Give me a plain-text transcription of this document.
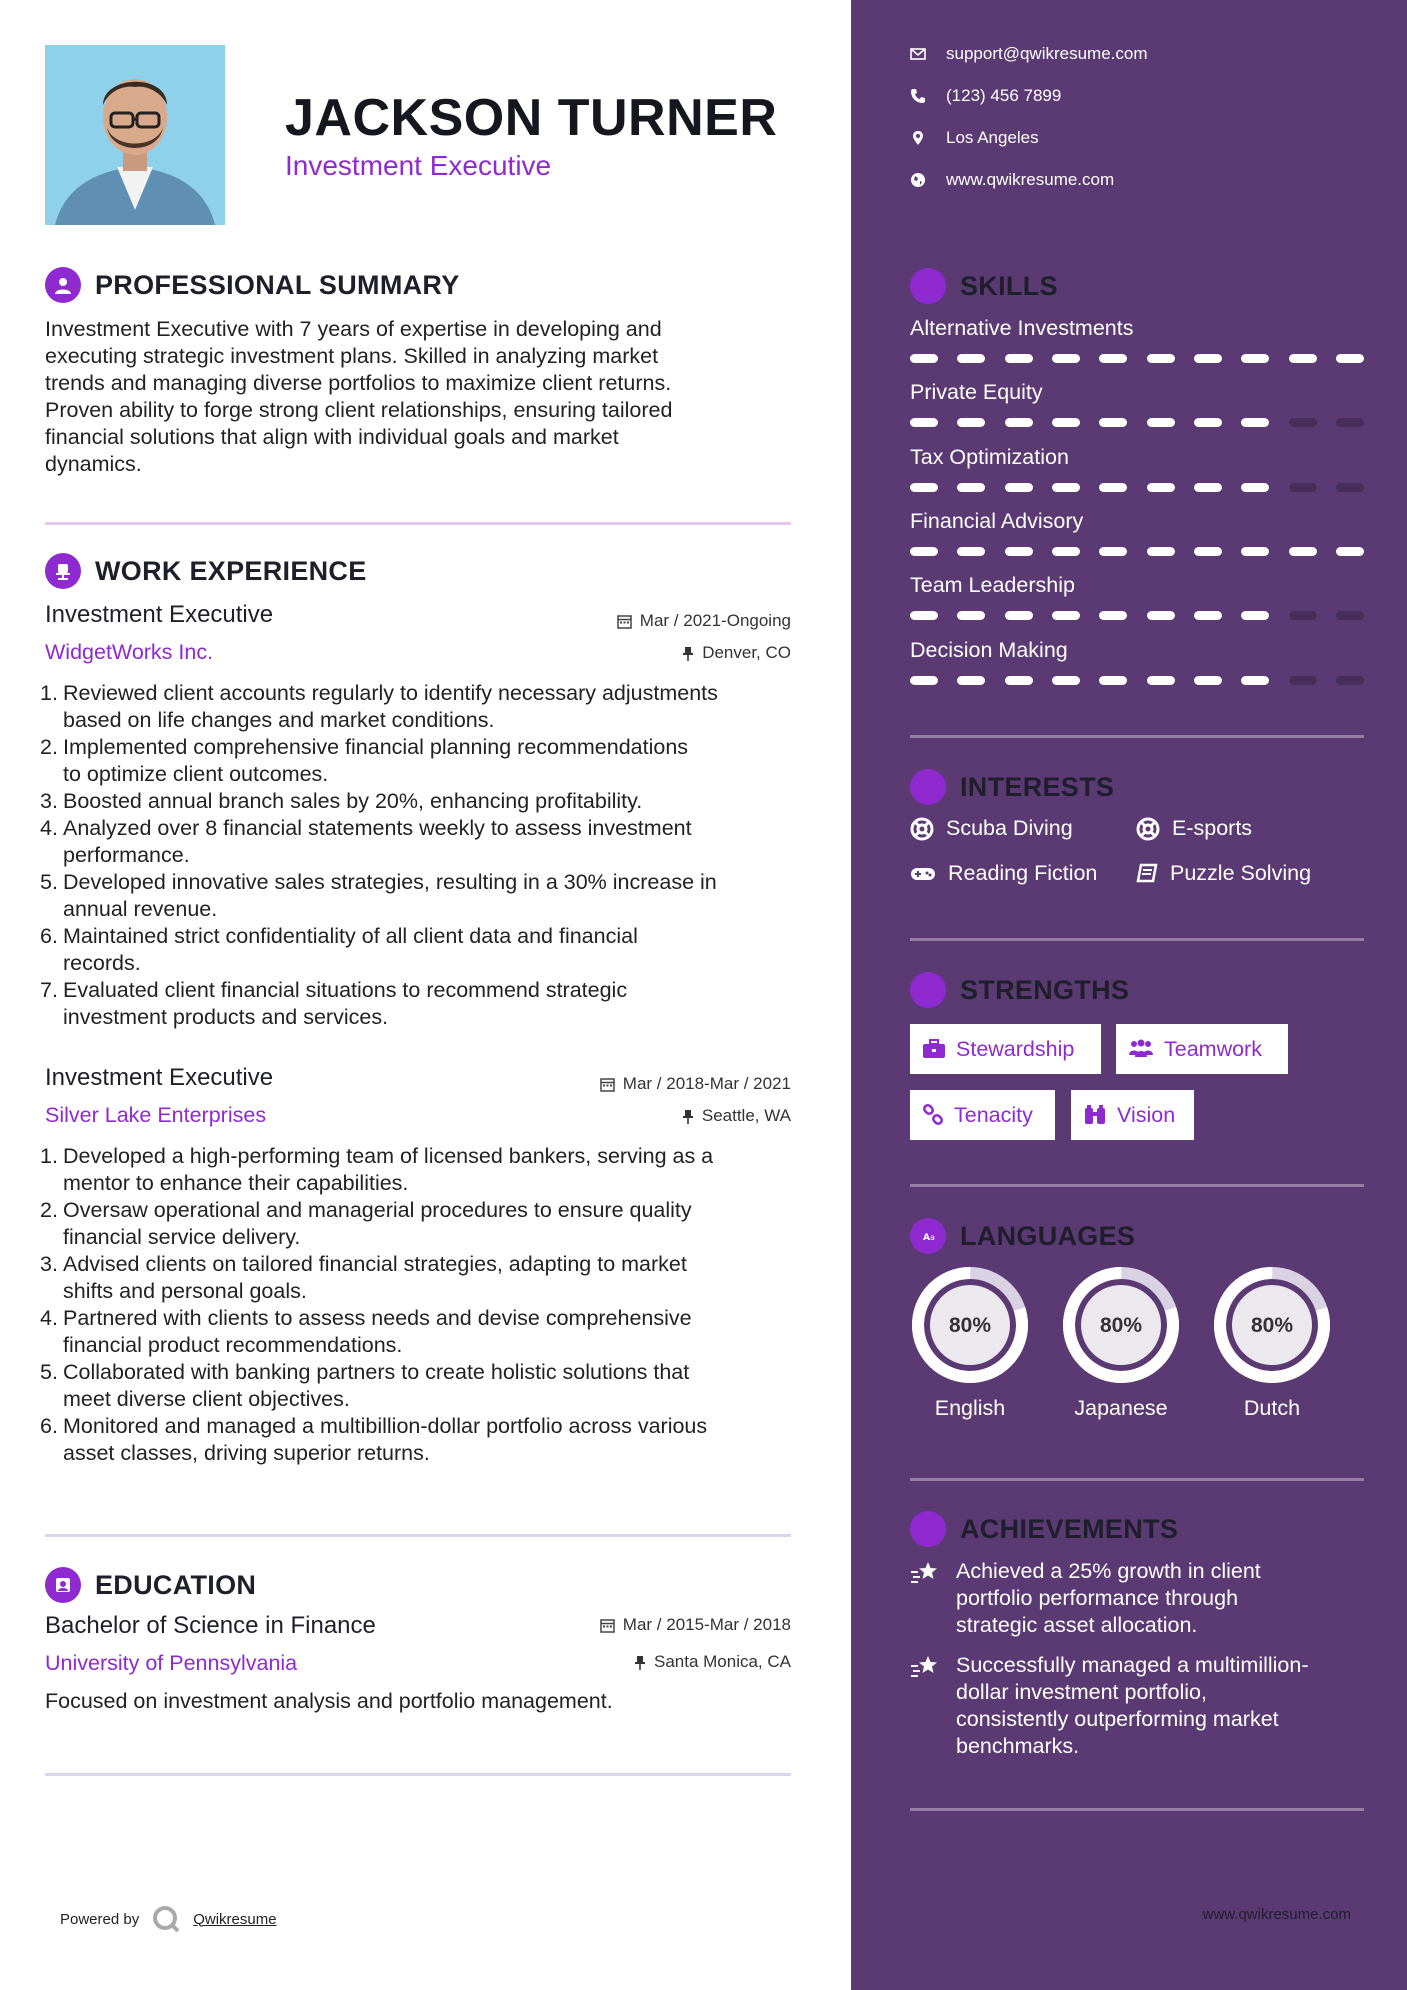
JACKSON TURNER
Investment Executive
PROFESSIONAL SUMMARY
Investment Executive with 7 years of expertise in developing and
executing strategic investment plans. Skilled in analyzing market
trends and managing diverse portfolios to maximize client returns.
Proven ability to forge strong client relationships, ensuring tailored
financial solutions that align with individual goals and market
dynamics.
WORK EXPERIENCE
Investment Executive	Mar / 2021-Ongoing
WidgetWorks Inc.	Denver, CO
1. Reviewed client accounts regularly to identify necessary adjustments
based on life changes and market conditions.
2. Implemented comprehensive financial planning recommendations
to optimize client outcomes.
3. Boosted annual branch sales by 20%, enhancing profitability.
4. Analyzed over 8 financial statements weekly to assess investment
performance.
5. Developed innovative sales strategies, resulting in a 30% increase in
annual revenue.
6. Maintained strict confidentiality of all client data and financial
records.
7. Evaluated client financial situations to recommend strategic
investment products and services.
Investment Executive	Mar / 2018-Mar / 2021
Silver Lake Enterprises	Seattle, WA
1. Developed a high-performing team of licensed bankers, serving as a
mentor to enhance their capabilities.
2. Oversaw operational and managerial procedures to ensure quality
financial service delivery.
3. Advised clients on tailored financial strategies, adapting to market
shifts and personal goals.
4. Partnered with clients to assess needs and devise comprehensive
financial product recommendations.
5. Collaborated with banking partners to create holistic solutions that
meet diverse client objectives.
6. Monitored and managed a multibillion-dollar portfolio across various
asset classes, driving superior returns.
EDUCATION
Bachelor of Science in Finance	Mar / 2015-Mar / 2018
University of Pennsylvania	Santa Monica, CA
Focused on investment analysis and portfolio management.
Powered by	Qwikresume	www.qwikresume.com
support@qwikresume.com
(123) 456 7899
Los Angeles
www.qwikresume.com
SKILLS
Alternative Investments
Private Equity
Tax Optimization
Financial Advisory
Team Leadership
Decision Making
INTERESTS
Scuba Diving	E-sports
Reading Fiction	Puzzle Solving
STRENGTHS
Stewardship	Teamwork
Tenacity	Vision
A a LANGUAGES
80%
English
80%
Japanese
80%
Dutch
ACHIEVEMENTS
Achieved a 25% growth in client
portfolio performance through
strategic asset allocation.
Successfully managed a multimillion-
dollar investment portfolio,
consistently outperforming market
benchmarks.
